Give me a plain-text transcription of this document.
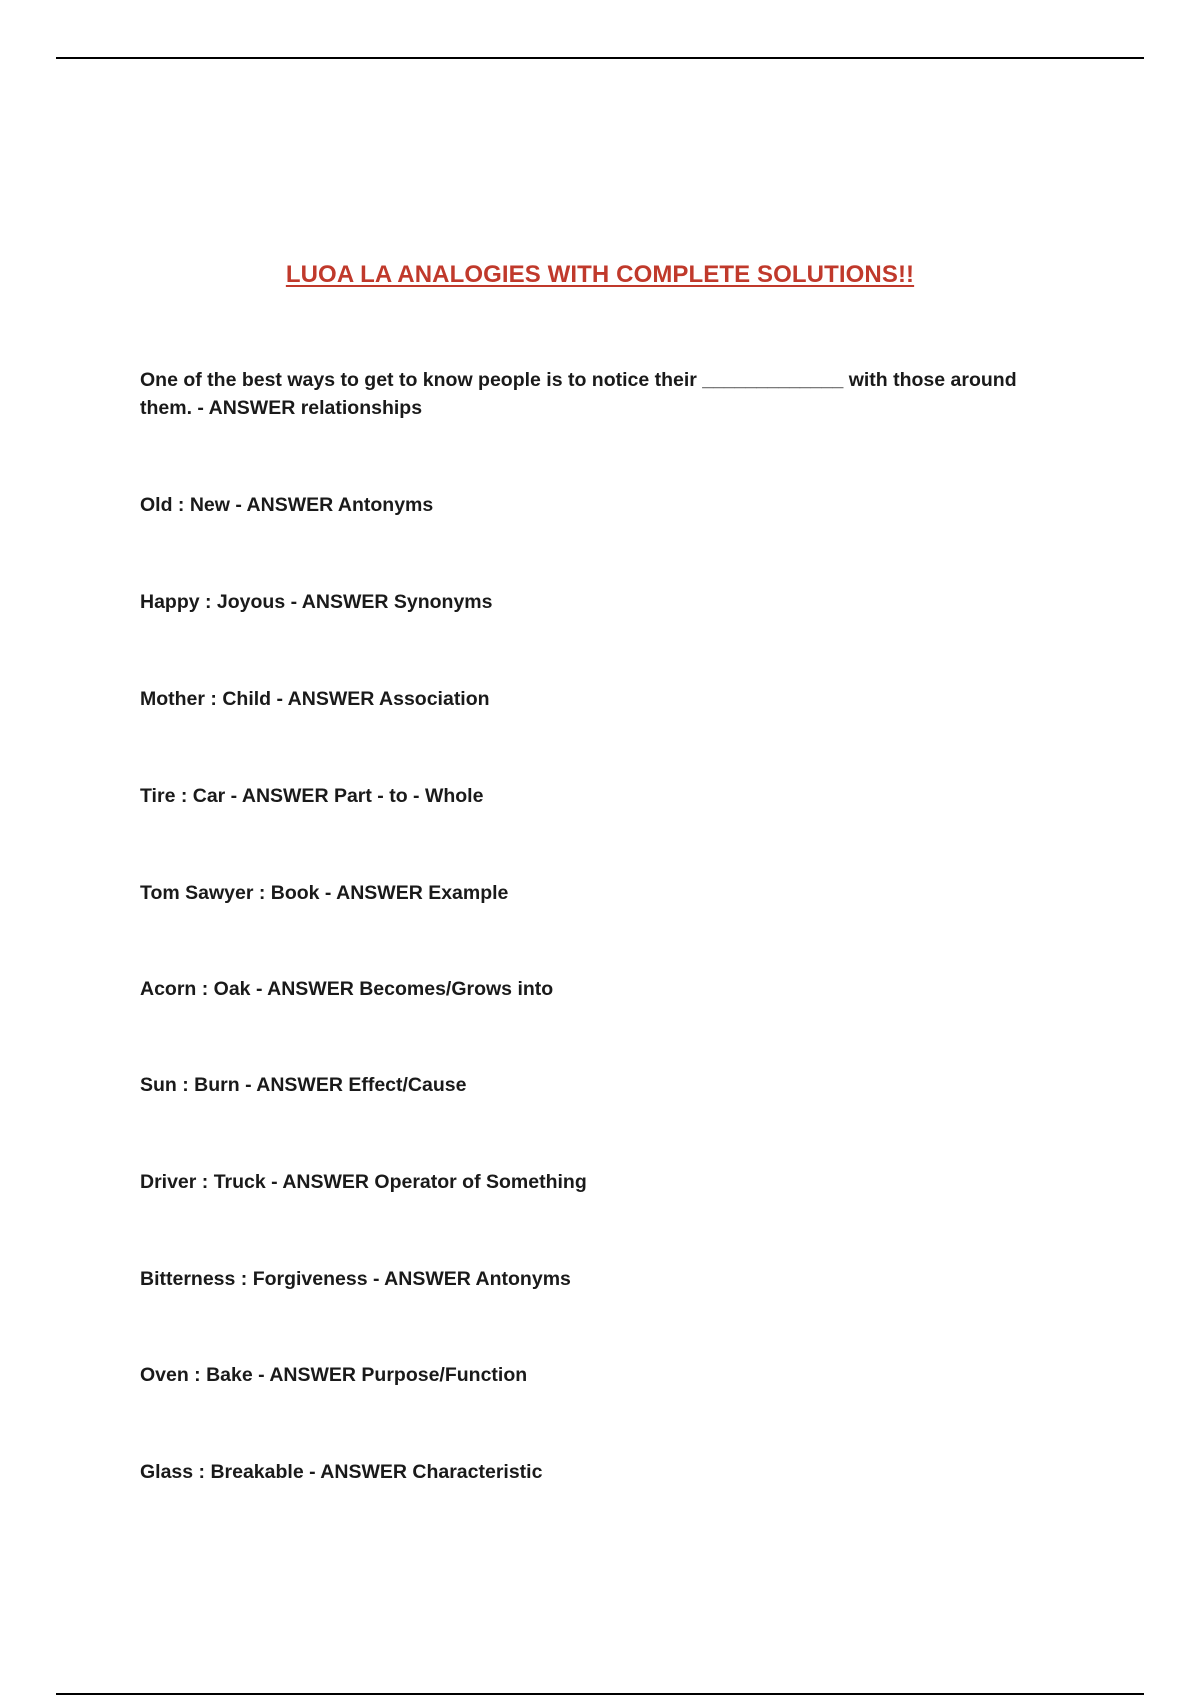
LUOA LA ANALOGIES WITH COMPLETE SOLUTIONS!!
One of the best ways to get to know people is to notice their _____________ with those around them. - ANSWER relationships
Old : New - ANSWER Antonyms
Happy : Joyous - ANSWER Synonyms
Mother : Child - ANSWER Association
Tire : Car - ANSWER Part - to - Whole
Tom Sawyer : Book - ANSWER Example
Acorn : Oak - ANSWER Becomes/Grows into
Sun : Burn - ANSWER Effect/Cause
Driver : Truck - ANSWER Operator of Something
Bitterness : Forgiveness - ANSWER Antonyms
Oven : Bake - ANSWER Purpose/Function
Glass : Breakable - ANSWER Characteristic
